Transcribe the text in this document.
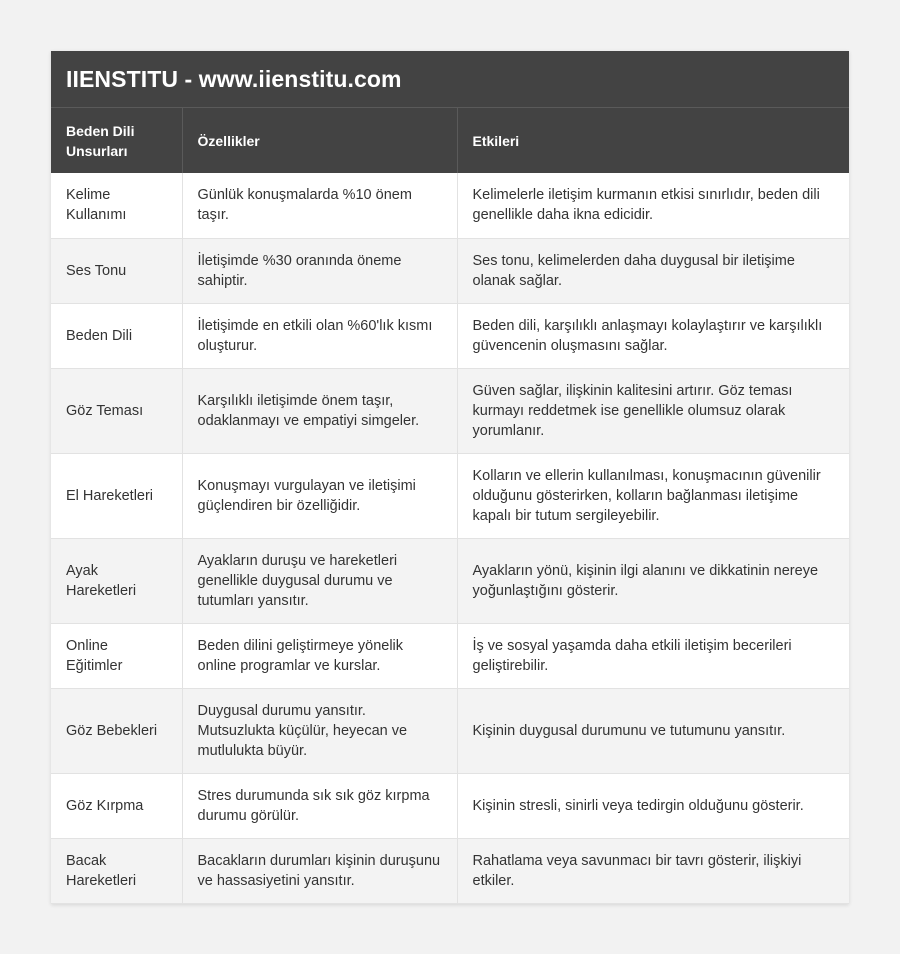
IIENSTITU - www.iienstitu.com
Beden Dili Unsurları	Özellikler	Etkileri
Kelime Kullanımı	Günlük konuşmalarda %10 önem taşır.	Kelimelerle iletişim kurmanın etkisi sınırlıdır, beden dili genellikle daha ikna edicidir.
Ses Tonu	İletişimde %30 oranında öneme sahiptir.	Ses tonu, kelimelerden daha duygusal bir iletişime olanak sağlar.
Beden Dili	İletişimde en etkili olan %60'lık kısmı oluşturur.	Beden dili, karşılıklı anlaşmayı kolaylaştırır ve karşılıklı güvencenin oluşmasını sağlar.
Göz Teması	Karşılıklı iletişimde önem taşır, odaklanmayı ve empatiyi simgeler.	Güven sağlar, ilişkinin kalitesini artırır. Göz teması kurmayı reddetmek ise genellikle olumsuz olarak yorumlanır.
El Hareketleri	Konuşmayı vurgulayan ve iletişimi güçlendiren bir özelliğidir.	Kolların ve ellerin kullanılması, konuşmacının güvenilir olduğunu gösterirken, kolların bağlanması iletişime kapalı bir tutum sergileyebilir.
Ayak Hareketleri	Ayakların duruşu ve hareketleri genellikle duygusal durumu ve tutumları yansıtır.	Ayakların yönü, kişinin ilgi alanını ve dikkatinin nereye yoğunlaştığını gösterir.
Online Eğitimler	Beden dilini geliştirmeye yönelik online programlar ve kurslar.	İş ve sosyal yaşamda daha etkili iletişim becerileri geliştirebilir.
Göz Bebekleri	Duygusal durumu yansıtır. Mutsuzlukta küçülür, heyecan ve mutlulukta büyür.	Kişinin duygusal durumunu ve tutumunu yansıtır.
Göz Kırpma	Stres durumunda sık sık göz kırpma durumu görülür.	Kişinin stresli, sinirli veya tedirgin olduğunu gösterir.
Bacak Hareketleri	Bacakların durumları kişinin duruşunu ve hassasiyetini yansıtır.	Rahatlama veya savunmacı bir tavrı gösterir, ilişkiyi etkiler.
